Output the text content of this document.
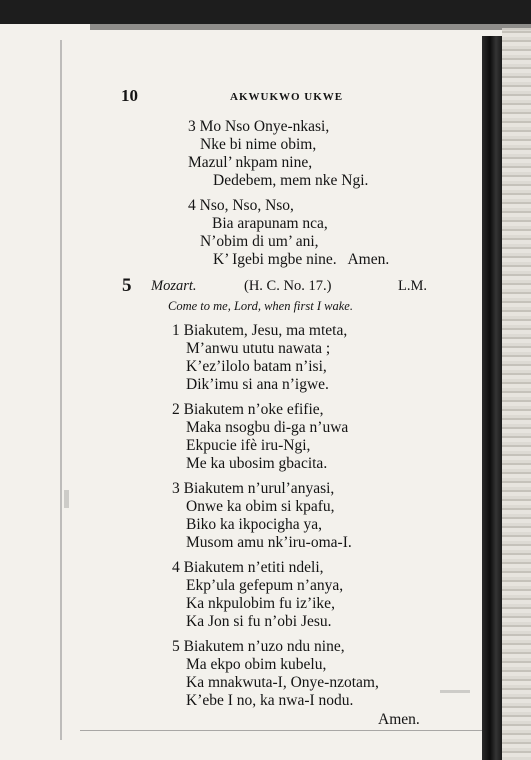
10	AKWUKWO UKWE
3 Mo Nso Onye-nkasi,
Nke bi nime obim,
Mazul’ nkpam nine,
Dedebem, mem nke Ngi.
4 Nso, Nso, Nso,
Bia arapunam nca,
N’obim di um’ ani,
K’ Igebi mgbe nine.   Amen.
5 Mozart.	(H. C. No. 17.)	L.M.
Come to me, Lord, when first I wake.
1 Biakutem, Jesu, ma mteta,
M’anwu ututu nawata ;
K’ez’ilolo batam n’isi,
Dik’imu si ana n’igwe.
2 Biakutem n’oke efifie,
Maka nsogbu di-ga n’uwa
Ekpucie ifè iru-Ngi,
Me ka ubosim gbacita.
3 Biakutem n’urul’anyasi,
Onwe ka obim si kpafu,
Biko ka ikpocigha ya,
Musom amu nk’iru-oma-I.
4 Biakutem n’etiti ndeli,
Ekp’ula gefepum n’anya,
Ka nkpulobim fu iz’ike,
Ka Jon si fu n’obi Jesu.
5 Biakutem n’uzo ndu nine,
Ma ekpo obim kubelu,
Ka mnakwuta-I, Onye-nzotam,
K’ebe I no, ka nwa-I nodu.
Amen.
